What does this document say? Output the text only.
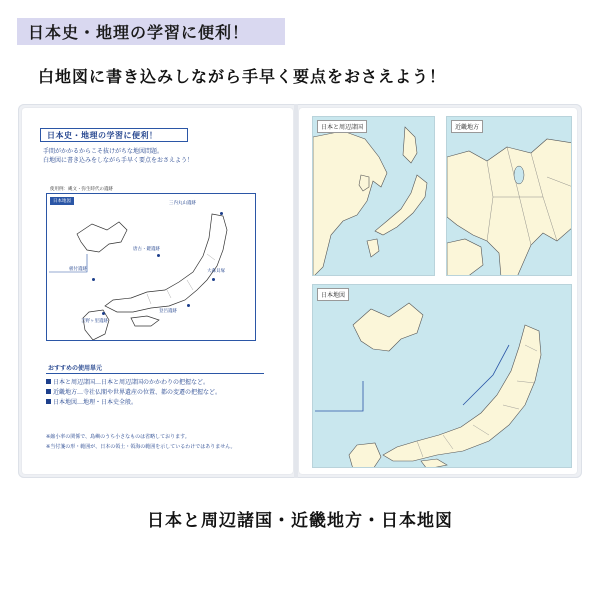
日本史・地理の学習に便利！
白地図に書き込みしながら手早く要点をおさえよう！
日本史・地理の学習に便利！
手間がかかるからこそ抜けがちな地図問題。
白地図に書き込みをしながら手早く要点をおさえよう！
使用例：縄文・弥生時代の遺跡
日本地図	三内丸山遺跡
唐古・鍵遺跡
板付遺跡	大森貝塚
吉野ヶ里遺跡
登呂遺跡
おすすめの使用単元
日本と周辺諸国…日本と周辺諸国のかかわりの把握など。
近畿地方…寺社仏閣や世界遺産の位置、都の変遷の把握など。
日本地図…地理・日本史全般。
※縮小率の関係で、島嶼のうち小さなものは省略しております。
※当付箋の形・範囲が、日本の領土・領海の範囲を示しているわけではありません。
日本と周辺諸国	近畿地方
日本地図
日本と周辺諸国・近畿地方・日本地図
